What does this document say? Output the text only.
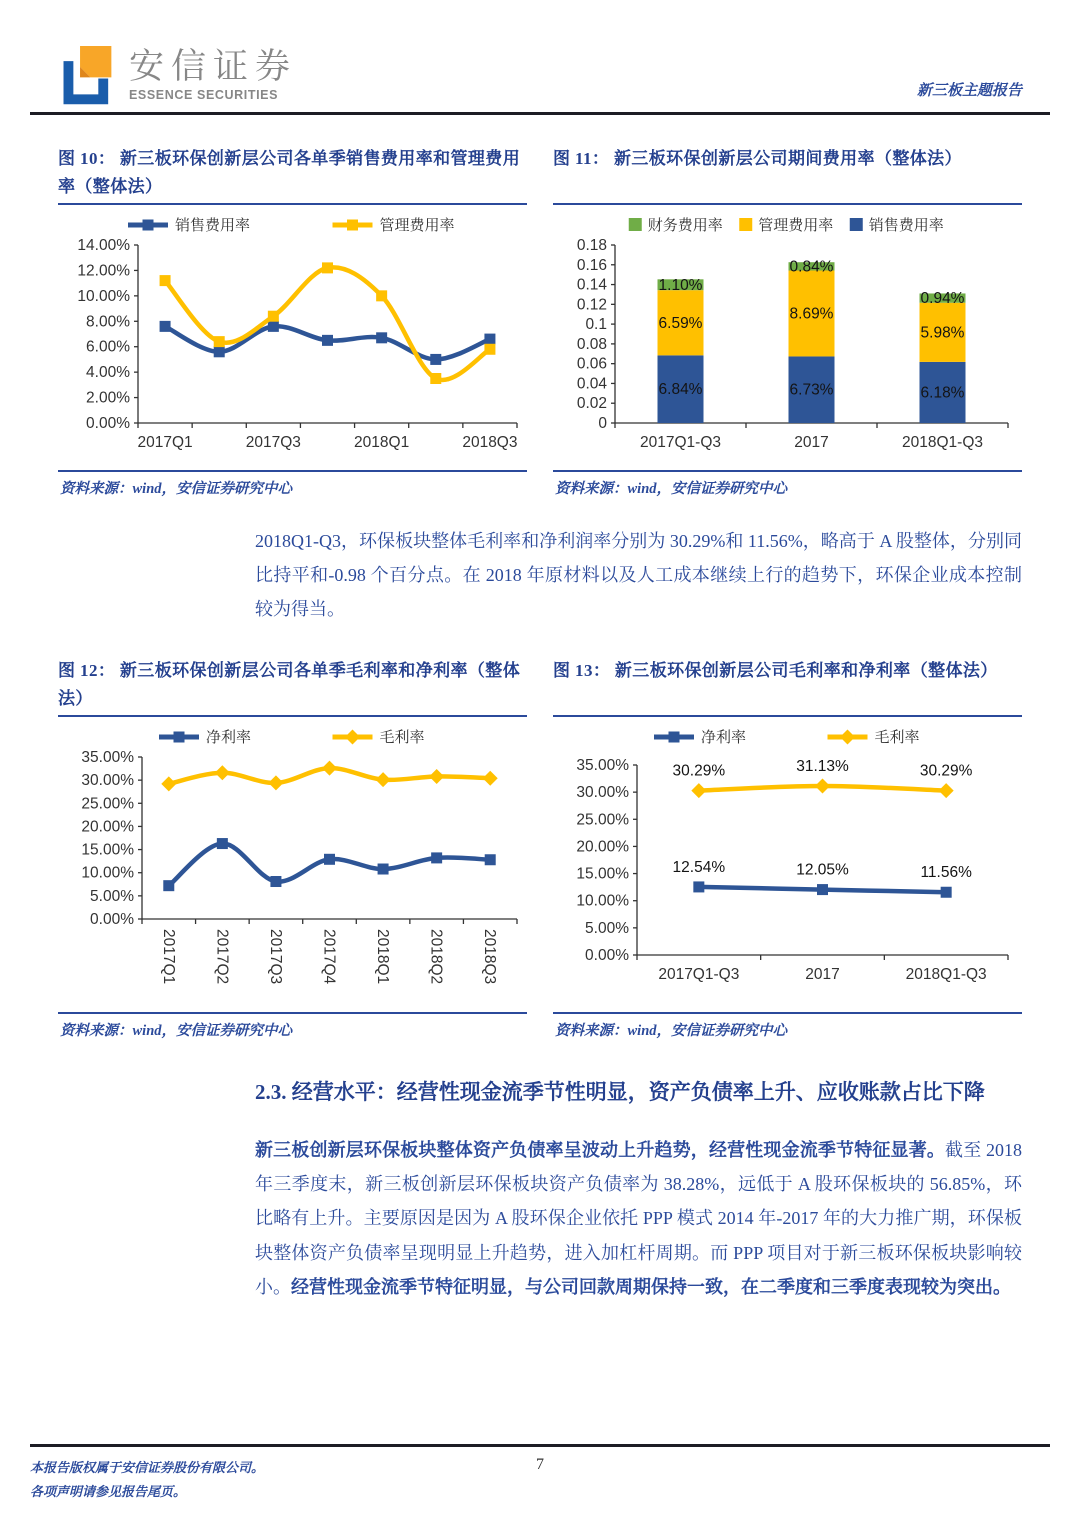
安信证券
ESSENCE SECURITIES	新三板主题报告
图 10： 新三板环保创新层公司各单季销售费用率和管理费用率（整体法）
0.00%
2.00%
4.00%
6.00%
8.00%
10.00%
12.00%
14.00%
2017Q1	2017Q3	2018Q1	2018Q3
销售费用率	管理费用率
资料来源：wind，安信证券研究中心
图 11： 新三板环保创新层公司期间费用率（整体法）
0
0.02
0.04
0.06
0.08
0.1
0.12
0.14
0.16
0.18
6.84%
6.59%
1.10%
2017Q1-Q3
6.73%
8.69%
0.84%
2017
6.18%
5.98%
0.94%
2018Q1-Q3
财务费用率 管理费用率 销售费用率
资料来源：wind，安信证券研究中心

2018Q1-Q3，环保板块整体毛利率和净利润率分别为 30.29%和 11.56%，略高于 A 股整体，分别同比持平和-0.98 个百分点。在 2018 年原材料以及人工成本继续上行的趋势下，环保企业成本控制较为得当。

图 12： 新三板环保创新层公司各单季毛利率和净利率（整体法）
0.00%
5.00%
10.00%
15.00%
20.00%
25.00%
30.00%
35.00%
2017Q1 2017Q2 2017Q3 2017Q4 2018Q1 2018Q2 2018Q3
净利率	毛利率
资料来源：wind，安信证券研究中心
图 13： 新三板环保创新层公司毛利率和净利率（整体法）
0.00%
5.00%
10.00%
15.00%
20.00%
25.00%
30.00%
35.00%
2017Q1-Q3	2017	2018Q1-Q3
12.54%	12.05%	11.56%
30.29%	31.13%	30.29%
净利率	毛利率
资料来源：wind，安信证券研究中心
2.3. 经营水平：经营性现金流季节性明显，资产负债率上升、应收账款占比下降

新三板创新层环保板块整体资产负债率呈波动上升趋势，经营性现金流季节特征显著。截至 2018 年三季度末，新三板创新层环保板块资产负债率为 38.28%，远低于 A 股环保板块的 56.85%，环比略有上升。主要原因是因为 A 股环保企业依托 PPP 模式 2014 年-2017 年的大力推广期，环保板块整体资产负债率呈现明显上升趋势，进入加杠杆周期。而 PPP 项目对于新三板环保板块影响较小。经营性现金流季节特征明显，与公司回款周期保持一致，在二季度和三季度表现较为突出。

本报告版权属于安信证券股份有限公司。
各项声明请参见报告尾页。
7
